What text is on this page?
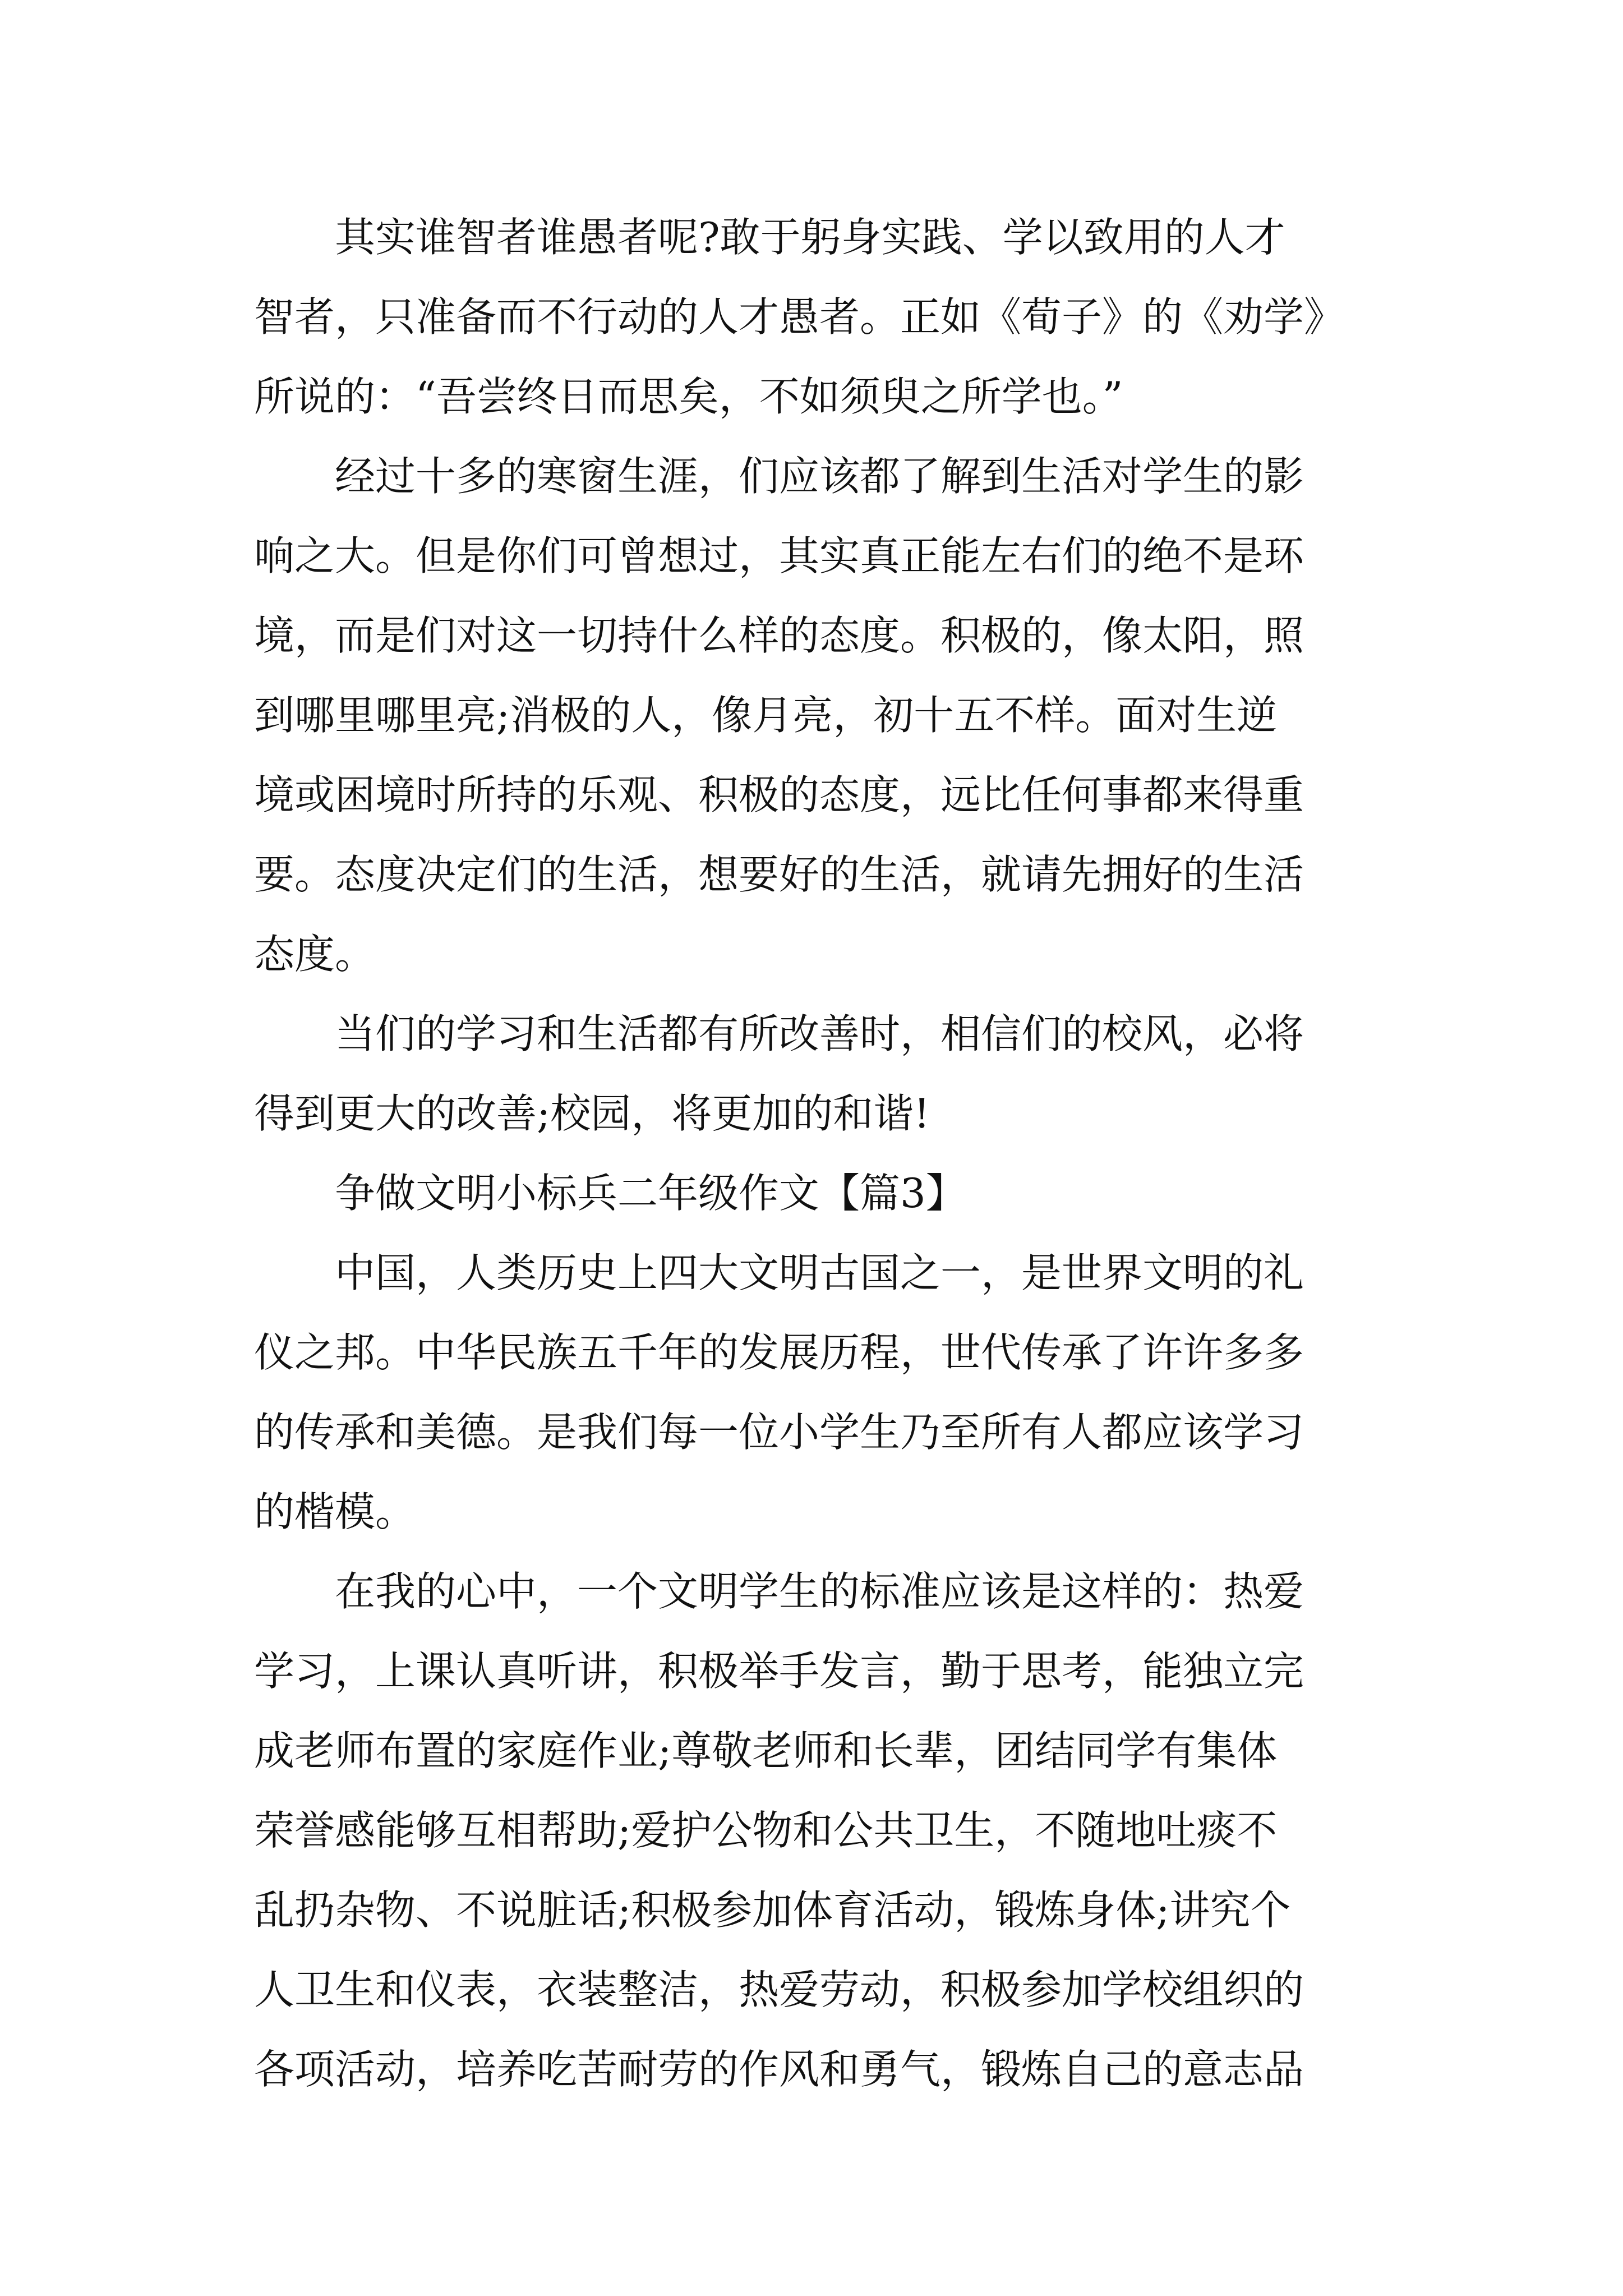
其实谁智者谁愚者呢?敢于躬身实践、学以致用的人才
智者，只准备而不行动的人才愚者。正如《荀子》的《劝学》
所说的：“吾尝终日而思矣，不如须臾之所学也。”
经过十多的寒窗生涯，们应该都了解到生活对学生的影
响之大。但是你们可曾想过，其实真正能左右们的绝不是环
境，而是们对这一切持什么样的态度。积极的，像太阳，照
到哪里哪里亮;消极的人，像月亮，初十五不样。面对生逆
境或困境时所持的乐观、积极的态度，远比任何事都来得重
要。态度决定们的生活，想要好的生活，就请先拥好的生活
态度。
当们的学习和生活都有所改善时，相信们的校风，必将
得到更大的改善;校园，将更加的和谐!
争做文明小标兵二年级作文【篇3】
中国，人类历史上四大文明古国之一，是世界文明的礼
仪之邦。中华民族五千年的发展历程，世代传承了许许多多
的传承和美德。是我们每一位小学生乃至所有人都应该学习
的楷模。
在我的心中，一个文明学生的标准应该是这样的：热爱
学习，上课认真听讲，积极举手发言，勤于思考，能独立完
成老师布置的家庭作业;尊敬老师和长辈，团结同学有集体
荣誉感能够互相帮助;爱护公物和公共卫生，不随地吐痰不
乱扔杂物、不说脏话;积极参加体育活动，锻炼身体;讲究个
人卫生和仪表，衣装整洁，热爱劳动，积极参加学校组织的
各项活动，培养吃苦耐劳的作风和勇气，锻炼自己的意志品
